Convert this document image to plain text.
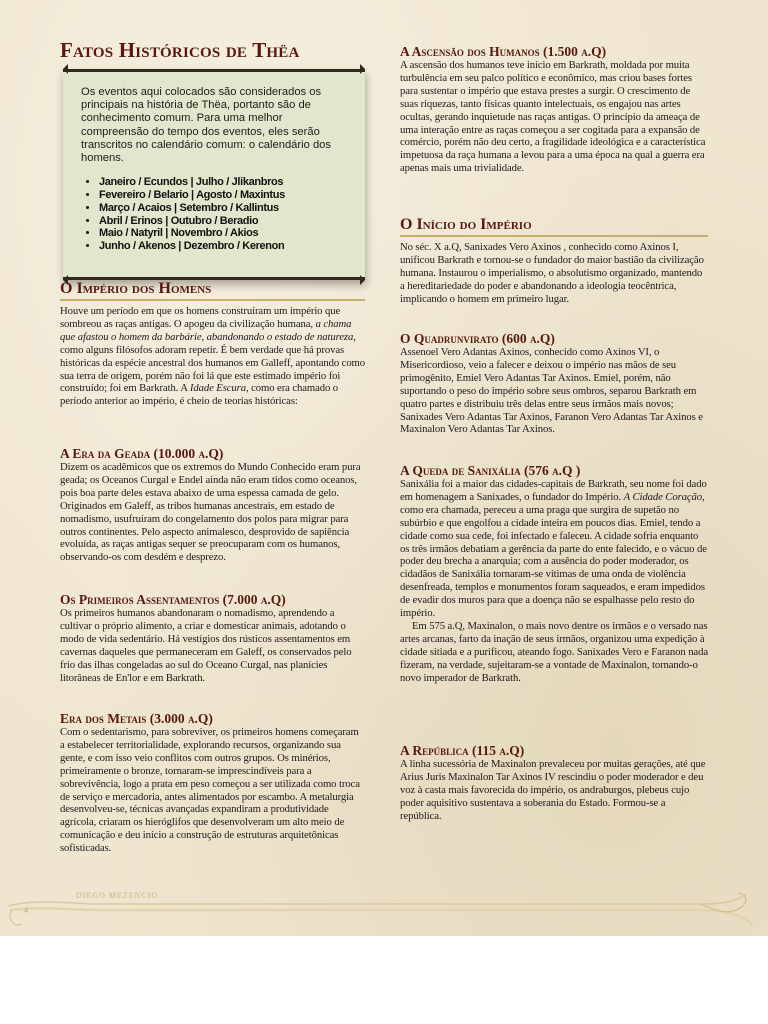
Fatos Históricos de Thëa

Os eventos aqui colocados são considerados os principais na história de Thëa, portanto são de conhecimento comum. Para uma melhor compreensão do tempo dos eventos, eles serão transcritos no calendário comum: o calendário dos homens.

• Janeiro / Ecundos | Julho / Jlikanbros
• Fevereiro / Belario | Agosto / Maxintus
• Março / Acaios | Setembro / Kallintus
• Abril / Erinos | Outubro / Beradio
• Maio / Natyril | Novembro / Akios
• Junho / Akenos | Dezembro / Kerenon
O Império dos Homens

Houve um período em que os homens construíram um império que sombreou as raças antigas. O apogeu da civilização humana, a chama que afastou o homem da barbárie, abandonando o estado de natureza, como alguns filósofos adoram repetir. É bem verdade que há provas históricas da espécie ancestral dos humanos em Galleff, apontando como sua terra de origem, porém não foi lá que este estimado império foi construído; foi em Barkrath. A Idade Escura, como era chamado o período anterior ao império, é cheio de teorias históricas:

A Era da Geada (10.000 a.Q)

Dizem os acadêmicos que os extremos do Mundo Conhecido eram pura geada; os Oceanos Curgal e Endel ainda não eram tidos como oceanos, pois boa parte deles estava abaixo de uma espessa camada de gelo. Originados em Galeff, as tribos humanas ancestrais, em estado de nomadismo, usufruíram do congelamento dos polos para migrar para outros continentes. Pelo aspecto animalesco, desprovido de sapiência evoluída, as raças antigas sequer se preocuparam com os humanos, observando-os com desdém e desprezo.

Os Primeiros Assentamentos (7.000 a.Q)

Os primeiros humanos abandonaram o nomadismo, aprendendo a cultivar o próprio alimento, a criar e domesticar animais, adotando o modo de vida sedentário. Há vestígios dos rústicos assentamentos em cavernas daqueles que permaneceram em Galeff, os conservados pelo frio das ilhas congeladas ao sul do Oceano Curgal, nas planícies litorâneas de En'lor e em Barkrath.

Era dos Metais (3.000 a.Q)

Com o sedentarismo, para sobreviver, os primeiros homens começaram a estabelecer territorialidade, explorando recursos, organizando sua gente, e com isso veio conflitos com outros grupos. Os minérios, primeiramente o bronze, tornaram-se imprescindíveis para a sobrevivência, logo a prata em peso começou a ser utilizada como troca de serviço e mercadoria, antes alimentados por escambo. A metalurgia desenvolveu-se, técnicas avançadas expandiram a produtividade agrícola, criaram os hieróglifos que desenvolveram um alto meio de comunicação e deu início a construção de estruturas arquitetônicas sofisticadas.

A Ascensão dos Humanos (1.500 a.Q)

A ascensão dos humanos teve início em Barkrath, moldada por muita turbulência em seu palco político e econômico, mas criou bases fortes para sustentar o império que estava prestes a surgir. O crescimento de suas riquezas, tanto físicas quanto intelectuais, os engajou nas artes ocultas, gerando inquietude nas raças antigas. O princípio da ameaça de uma interação entre as raças começou a ser cogitada para a expansão de comércio, porém não deu certo, a fragilidade ideológica e a característica impetuosa da raça humana a levou para a uma época na qual a guerra era apenas mais uma trivialidade.

O Início do Império

No séc. X a.Q, Sanixades Vero Axinos , conhecido como Axinos I, unificou Barkrath e tornou-se o fundador do maior bastião da civilização humana. Instaurou o imperialismo, o absolutismo organizado, mantendo a hereditariedade do poder e abandonando a ideologia teocêntrica, implicando o homem em primeiro lugar.

O Quadrunvirato (600 a.Q)

Assenoel Vero Adantas Axinos, conhecido como Axinos VI, o Misericordioso, veio a falecer e deixou o império nas mãos de seu primogênito, Emiel Vero Adantas Tar Axinos. Emiel, porém, não suportando o peso do império sobre seus ombros, separou Barkrath em quatro partes e distribuiu três delas entre seus irmãos mais novos; Sanixades Vero Adantas Tar Axinos, Faranon Vero Adantas Tar Axinos e Maxinalon Vero Adantas Tar Axinos.

A Queda de Sanixália (576 a.Q )

Sanixália foi a maior das cidades-capitais de Barkrath, seu nome foi dado em homenagem a Sanixades, o fundador do Império. A Cidade Coração, como era chamada, pereceu a uma praga que surgira de supetão no subúrbio e que engolfou a cidade inteira em poucos dias. Emiel, tendo a cidade como sua cede, foi infectado e faleceu. A cidade sofria enquanto os três irmãos debatiam a gerência da parte do ente falecido, e o vácuo de poder deu brecha a anarquia; com a ausência do poder moderador, os cidadãos de Sanixália tornaram-se vítimas de uma onda de violência desenfreada, templos e monumentos foram saqueados, e eram impedidos de evadir dos muros para que a doença não se espalhasse pelo resto do império.

Em 575 a.Q, Maxinalon, o mais novo dentre os irmãos e o versado nas artes arcanas, farto da inação de seus irmãos, organizou uma expedição à cidade sitiada e a purificou, ateando fogo. Sanixades Vero e Faranon nada fizeram, na verdade, sujeitaram-se a vontade de Maxinalon, tornando-o novo imperador de Barkrath.

A República (115 a.Q)

A linha sucessória de Maxinalon prevaleceu por muitas gerações, até que Arius Juris Maxinalon Tar Axinos IV rescindiu o poder moderador e deu voz à casta mais favorecida do império, os andraburgos, plebeus cujo poder aquisitivo sustentava a soberania do Estado. Formou-se a república.

DIEGO MEZENCIO
4
